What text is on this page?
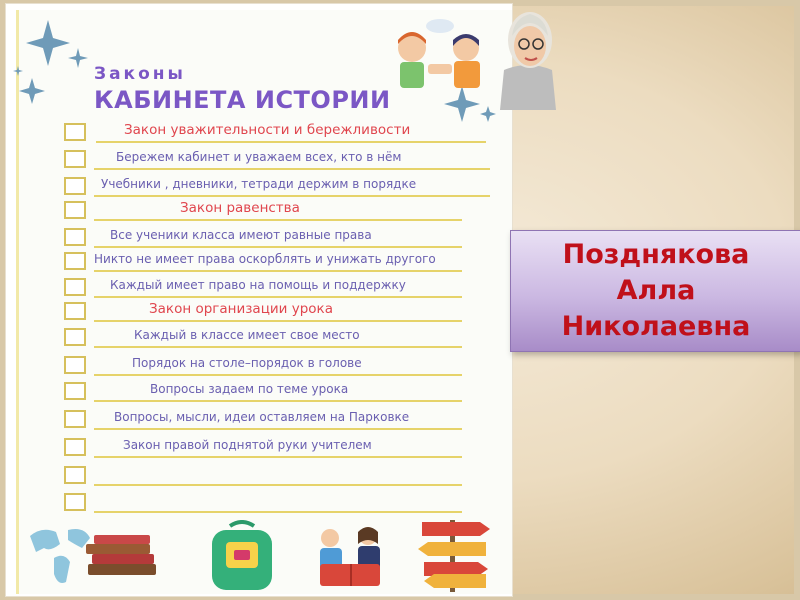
Законы
КАБИНЕТА ИСТОРИИ
Закон уважительности и бережливости
Бережем кабинет и уважаем всех, кто в нём
Учебники , дневники, тетради держим в порядке
Закон равенства
Все ученики класса имеют равные права
Никто не имеет права оскорблять и унижать другого
Каждый имеет право на помощь и поддержку
Закон организации урока
Каждый в классе имеет свое место
Порядок на столе–порядок в голове
Вопросы задаем по теме урока
Вопросы, мысли, идеи оставляем на Парковке
Закон правой поднятой руки учителем
Позднякова
Алла
Николаевна
